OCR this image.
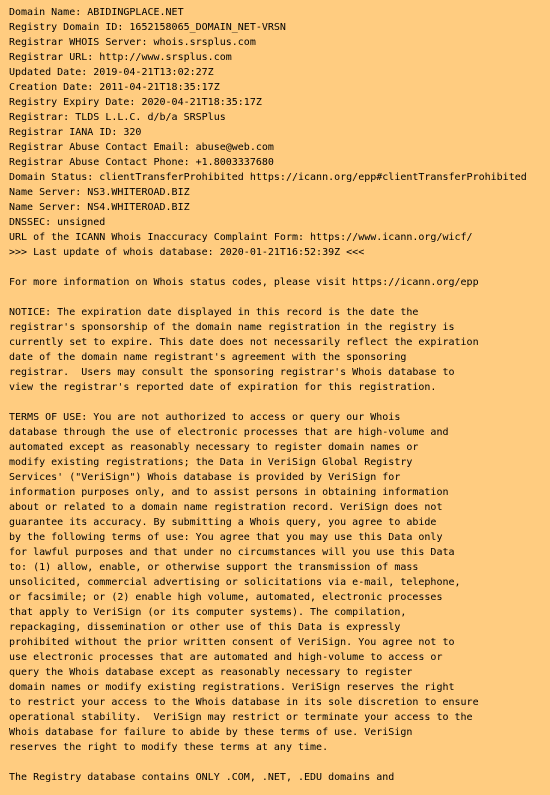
Domain Name: ABIDINGPLACE.NET
Registry Domain ID: 1652158065_DOMAIN_NET-VRSN
Registrar WHOIS Server: whois.srsplus.com
Registrar URL: http://www.srsplus.com
Updated Date: 2019-04-21T13:02:27Z
Creation Date: 2011-04-21T18:35:17Z
Registry Expiry Date: 2020-04-21T18:35:17Z
Registrar: TLDS L.L.C. d/b/a SRSPlus
Registrar IANA ID: 320
Registrar Abuse Contact Email: abuse@web.com
Registrar Abuse Contact Phone: +1.8003337680
Domain Status: clientTransferProhibited https://icann.org/epp#clientTransferProhibited
Name Server: NS3.WHITEROAD.BIZ
Name Server: NS4.WHITEROAD.BIZ
DNSSEC: unsigned
URL of the ICANN Whois Inaccuracy Complaint Form: https://www.icann.org/wicf/
>>> Last update of whois database: 2020-01-21T16:52:39Z <<<
For more information on Whois status codes, please visit https://icann.org/epp
NOTICE: The expiration date displayed in this record is the date the
registrar's sponsorship of the domain name registration in the registry is
currently set to expire. This date does not necessarily reflect the expiration
date of the domain name registrant's agreement with the sponsoring
registrar.  Users may consult the sponsoring registrar's Whois database to
view the registrar's reported date of expiration for this registration.
TERMS OF USE: You are not authorized to access or query our Whois
database through the use of electronic processes that are high-volume and
automated except as reasonably necessary to register domain names or
modify existing registrations; the Data in VeriSign Global Registry
Services' ("VeriSign") Whois database is provided by VeriSign for
information purposes only, and to assist persons in obtaining information
about or related to a domain name registration record. VeriSign does not
guarantee its accuracy. By submitting a Whois query, you agree to abide
by the following terms of use: You agree that you may use this Data only
for lawful purposes and that under no circumstances will you use this Data
to: (1) allow, enable, or otherwise support the transmission of mass
unsolicited, commercial advertising or solicitations via e-mail, telephone,
or facsimile; or (2) enable high volume, automated, electronic processes
that apply to VeriSign (or its computer systems). The compilation,
repackaging, dissemination or other use of this Data is expressly
prohibited without the prior written consent of VeriSign. You agree not to
use electronic processes that are automated and high-volume to access or
query the Whois database except as reasonably necessary to register
domain names or modify existing registrations. VeriSign reserves the right
to restrict your access to the Whois database in its sole discretion to ensure
operational stability.  VeriSign may restrict or terminate your access to the
Whois database for failure to abide by these terms of use. VeriSign
reserves the right to modify these terms at any time.
The Registry database contains ONLY .COM, .NET, .EDU domains and
